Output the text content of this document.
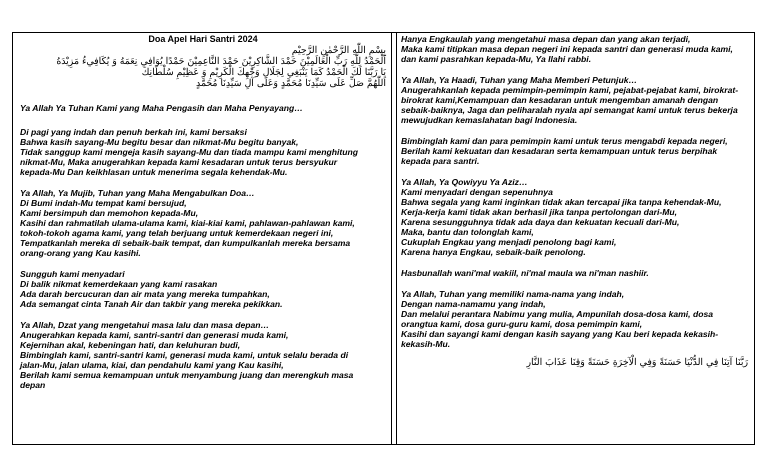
Doa Apel Hari Santri 2024
بِسْمِ اللّٰهِ الرَّحْمٰنِ الرَّحِيْمِ
اَلْحَمْدُ لِلّٰهِ رَبِّ الْعَالَمِيْنَ حَمْدَ الشَّاكِرِيْنَ حَمْدَ النَّاعِمِيْنَ حَمْدًا يُوَافِي نِعَمَهُ وَ يُكَافِيءُ مَزِيْدَهُ
يَا رَبَّنَا لَكَ الْحَمْدُ كَمَا يَنْبَغِي لِجَلَالِ وَجْهِكَ الْكَرِيْمِ وَ عَظِيْمِ سُلْطَانِكَ
اَللّٰهُمَّ صَلِّ عَلَى سَيِّدِنَا مُحَمَّدٍ وَعَلَى آلِ سَيِّدِنَا مُحَمَّدٍ
Ya Allah Ya Tuhan Kami yang Maha Pengasih dan Maha Penyayang…
Di pagi yang indah dan penuh berkah ini, kami bersaksi
Bahwa kasih sayang-Mu begitu besar dan nikmat-Mu begitu banyak,
Tidak sanggup kami mengeja kasih sayang-Mu dan tiada mampu kami menghitung
nikmat-Mu, Maka anugerahkan kepada kami kesadaran untuk terus bersyukur
kepada-Mu Dan keikhlasan untuk menerima segala kehendak-Mu.
Ya Allah, Ya Mujib, Tuhan yang Maha Mengabulkan Doa…
Di Bumi indah-Mu tempat kami bersujud,
Kami bersimpuh dan memohon kepada-Mu,
Kasihi dan rahmatilah ulama-ulama kami, kiai-kiai kami, pahlawan-pahlawan kami,
tokoh-tokoh agama kami, yang telah berjuang untuk kemerdekaan negeri ini,
Tempatkanlah mereka di sebaik-baik tempat, dan kumpulkanlah mereka bersama
orang-orang yang Kau kasihi.
Sungguh kami menyadari
Di balik nikmat kemerdekaan yang kami rasakan
Ada darah bercucuran dan air mata yang mereka tumpahkan,
Ada semangat cinta Tanah Air dan takbir yang mereka pekikkan.
Ya Allah, Dzat yang mengetahui masa lalu dan masa depan…
Anugerahkan kepada kami, santri-santri dan generasi muda kami,
Kejernihan akal, kebeningan hati, dan keluhuran budi,
Bimbinglah kami, santri-santri kami, generasi muda kami, untuk selalu berada di
jalan-Mu, jalan ulama, kiai, dan pendahulu kami yang Kau kasihi,
Berilah kami semua kemampuan untuk menyambung juang dan merengkuh masa
depan
Hanya Engkaulah yang mengetahui masa depan dan yang akan terjadi,
Maka kami titipkan masa depan negeri ini kepada santri dan generasi muda kami,
dan kami pasrahkan kepada-Mu, Ya Ilahi rabbi.
Ya Allah, Ya Haadi, Tuhan yang Maha Memberi Petunjuk…
Anugerahkanlah kepada pemimpin-pemimpin kami, pejabat-pejabat kami, birokrat-
birokrat kami,Kemampuan dan kesadaran untuk mengemban amanah dengan
sebaik-baiknya, Jaga dan peliharalah nyala api semangat kami untuk terus bekerja
mewujudkan kemaslahatan bagi Indonesia.
Bimbinglah kami dan para pemimpin kami untuk terus mengabdi kepada negeri,
Berilah kami kekuatan dan kesadaran serta kemampuan untuk terus berpihak
kepada para santri.
Ya Allah, Ya Qowiyyu Ya Aziz…
Kami menyadari dengan sepenuhnya
Bahwa segala yang kami inginkan tidak akan tercapai jika tanpa kehendak-Mu,
Kerja-kerja kami tidak akan berhasil jika tanpa pertolongan dari-Mu,
Karena sesungguhnya tidak ada daya dan kekuatan kecuali dari-Mu,
Maka, bantu dan tolonglah kami,
Cukuplah Engkau yang menjadi penolong bagi kami,
Karena hanya Engkau, sebaik-baik penolong.
Hasbunallah wani'mal wakiil, ni'mal maula wa ni'man nashiir.
Ya Allah, Tuhan yang memiliki nama-nama yang indah,
Dengan nama-namamu yang indah,
Dan melalui perantara Nabimu yang mulia, Ampunilah dosa-dosa kami, dosa
orangtua kami, dosa guru-guru kami, dosa pemimpin kami,
Kasihi dan sayangi kami dengan kasih sayang yang Kau beri kepada kekasih-
kekasih-Mu.
رَبَّنَا آتِنَا فِي الدُّنْيَا حَسَنَةً وَفِي الْآخِرَةِ حَسَنَةً وَقِنَا عَذَابَ النَّارِ
